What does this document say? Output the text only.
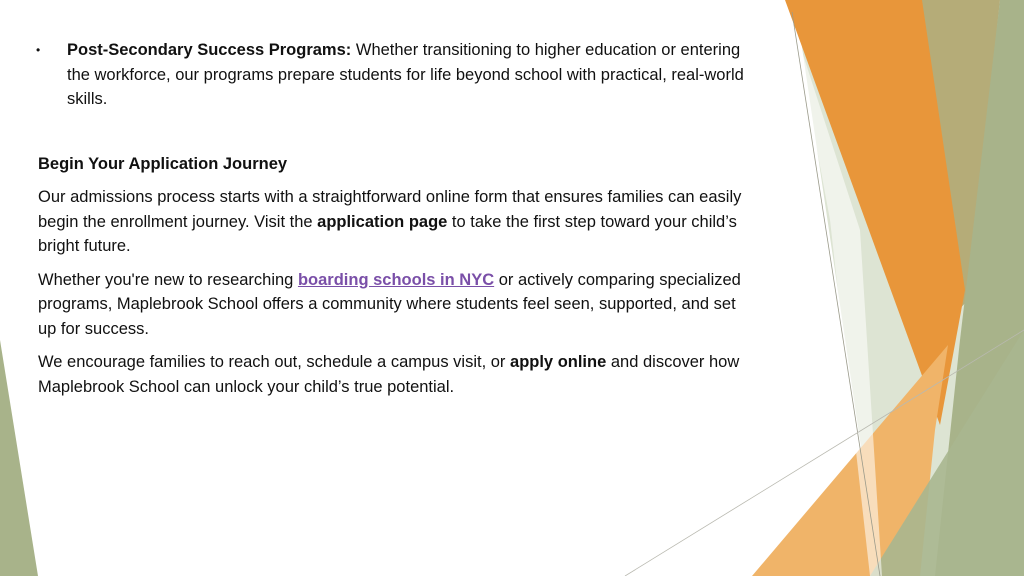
• Post-Secondary Success Programs: Whether transitioning to higher education or entering the workforce, our programs prepare students for life beyond school with practical, real-world skills.
Begin Your Application Journey

Our admissions process starts with a straightforward online form that ensures families can easily begin the enrollment journey. Visit the application page to take the first step toward your child’s bright future.

Whether you're new to researching boarding schools in NYC or actively comparing specialized programs, Maplebrook School offers a community where students feel seen, supported, and set up for success.

We encourage families to reach out, schedule a campus visit, or apply online and discover how Maplebrook School can unlock your child’s true potential.
